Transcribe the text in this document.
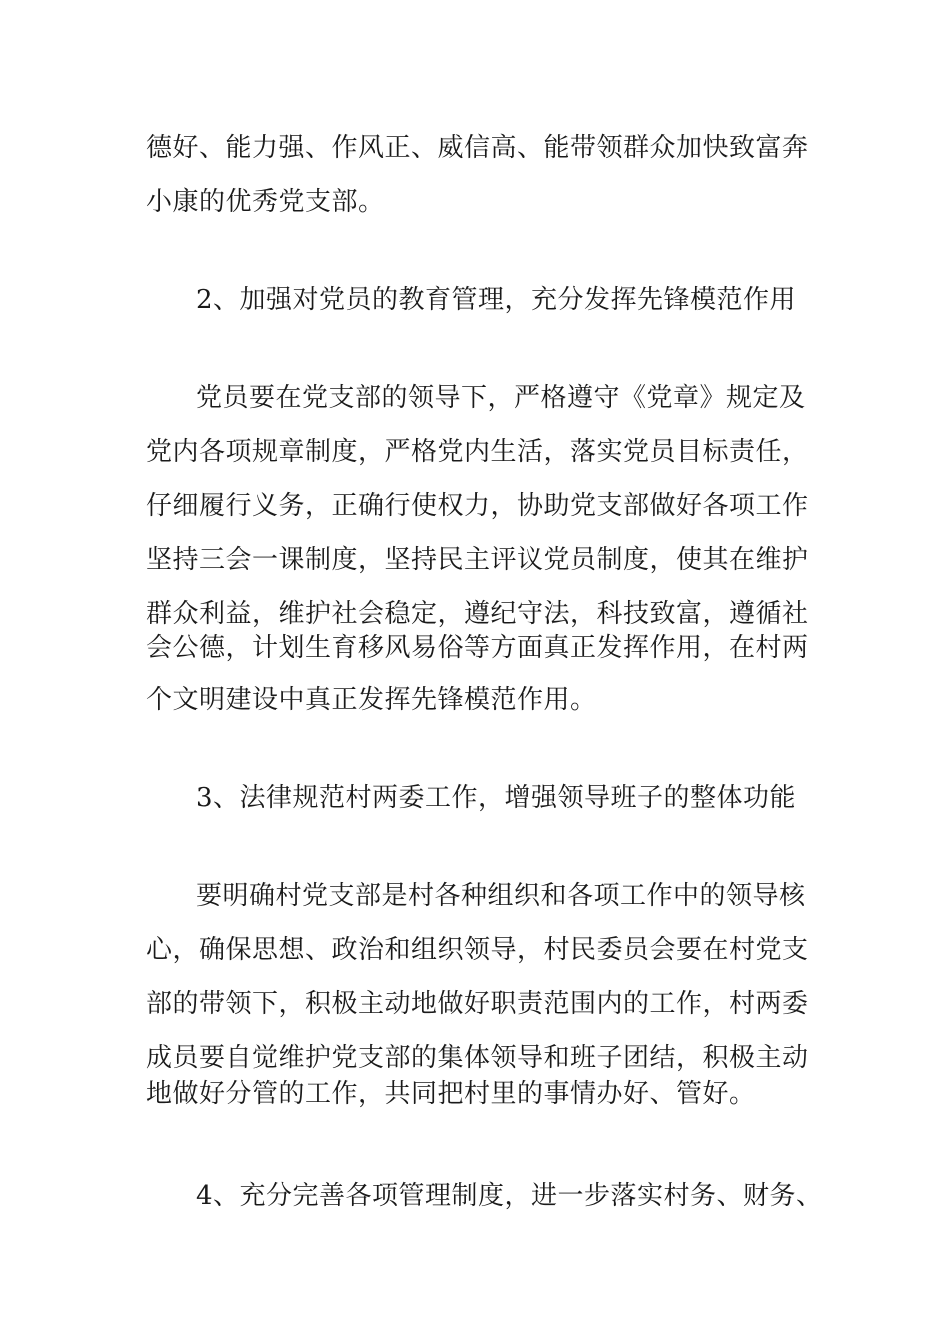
德好、能力强、作风正、威信高、能带领群众加快致富奔
小康的优秀党支部。
2、加强对党员的教育管理，充分发挥先锋模范作用
党员要在党支部的领导下，严格遵守《党章》规定及
党内各项规章制度，严格党内生活，落实党员目标责任，
仔细履行义务，正确行使权力，协助党支部做好各项工作
坚持三会一课制度，坚持民主评议党员制度，使其在维护
群众利益，维护社会稳定，遵纪守法，科技致富，遵循社
会公德，计划生育移风易俗等方面真正发挥作用，在村两
个文明建设中真正发挥先锋模范作用。
3、法律规范村两委工作，增强领导班子的整体功能
要明确村党支部是村各种组织和各项工作中的领导核
心，确保思想、政治和组织领导，村民委员会要在村党支
部的带领下，积极主动地做好职责范围内的工作，村两委
成员要自觉维护党支部的集体领导和班子团结，积极主动
地做好分管的工作，共同把村里的事情办好、管好。
4、充分完善各项管理制度，进一步落实村务、财务、
